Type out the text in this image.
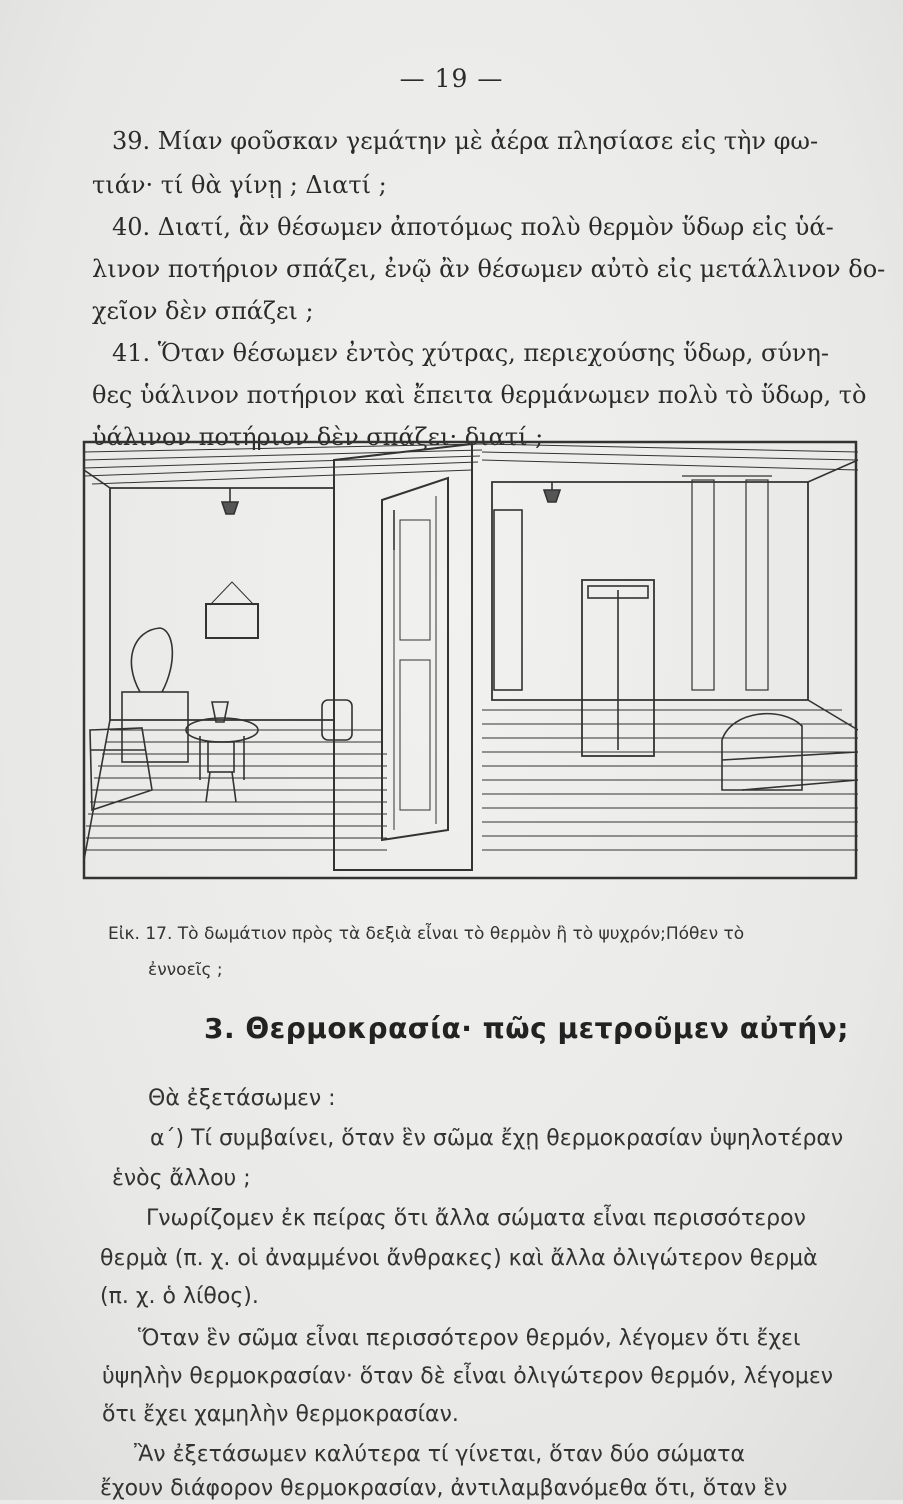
— 19 —
39. Μίαν φοῦσκαν γεμάτην μὲ ἀέρα πλησίασε εἰς τὴν φω-
τιάν· τί θὰ γίνῃ ; Διατί ;
40. Διατί, ἂν θέσωμεν ἀποτόμως πολὺ θερμὸν ὕδωρ εἰς ὑά-
λινον ποτήριον σπάζει, ἐνῷ ἂν θέσωμεν αὐτὸ εἰς μετάλλινον δο-
χεῖον δὲν σπάζει ;
41. Ὅταν θέσωμεν ἐντὸς χύτρας, περιεχούσης ὕδωρ, σύνη-
θες ὑάλινον ποτήριον καὶ ἔπειτα θερμάνωμεν πολὺ τὸ ὕδωρ, τὸ
ὑάλινον ποτήριον δὲν σπάζει· διατί ;
Εἰκ. 17. Τὸ δωμάτιον πρὸς τὰ δεξιὰ εἶναι τὸ θερμὸν ἢ τὸ ψυχρόν;Πόθεν τὸ
ἐννοεῖς ;
3. Θερμοκρασία· πῶς μετροῦμεν αὐτήν;
Θὰ ἐξετάσωμεν :
α΄) Τί συμβαίνει, ὅταν ἓν σῶμα ἔχῃ θερμοκρασίαν ὑψηλοτέραν
ἑνὸς ἄλλου ;
Γνωρίζομεν ἐκ πείρας ὅτι ἄλλα σώματα εἶναι περισσότερον
θερμὰ (π. χ. οἱ ἀναμμένοι ἄνθρακες) καὶ ἄλλα ὀλιγώτερον θερμὰ
(π. χ. ὁ λίθος).
Ὅταν ἓν σῶμα εἶναι περισσότερον θερμόν, λέγομεν ὅτι ἔχει
ὑψηλὴν θερμοκρασίαν· ὅταν δὲ εἶναι ὀλιγώτερον θερμόν, λέγομεν
ὅτι ἔχει χαμηλὴν θερμοκρασίαν.
Ἂν ἐξετάσωμεν καλύτερα τί γίνεται, ὅταν δύο σώματα
ἔχουν διάφορον θερμοκρασίαν, ἀντιλαμβανόμεθα ὅτι, ὅταν ἓν
